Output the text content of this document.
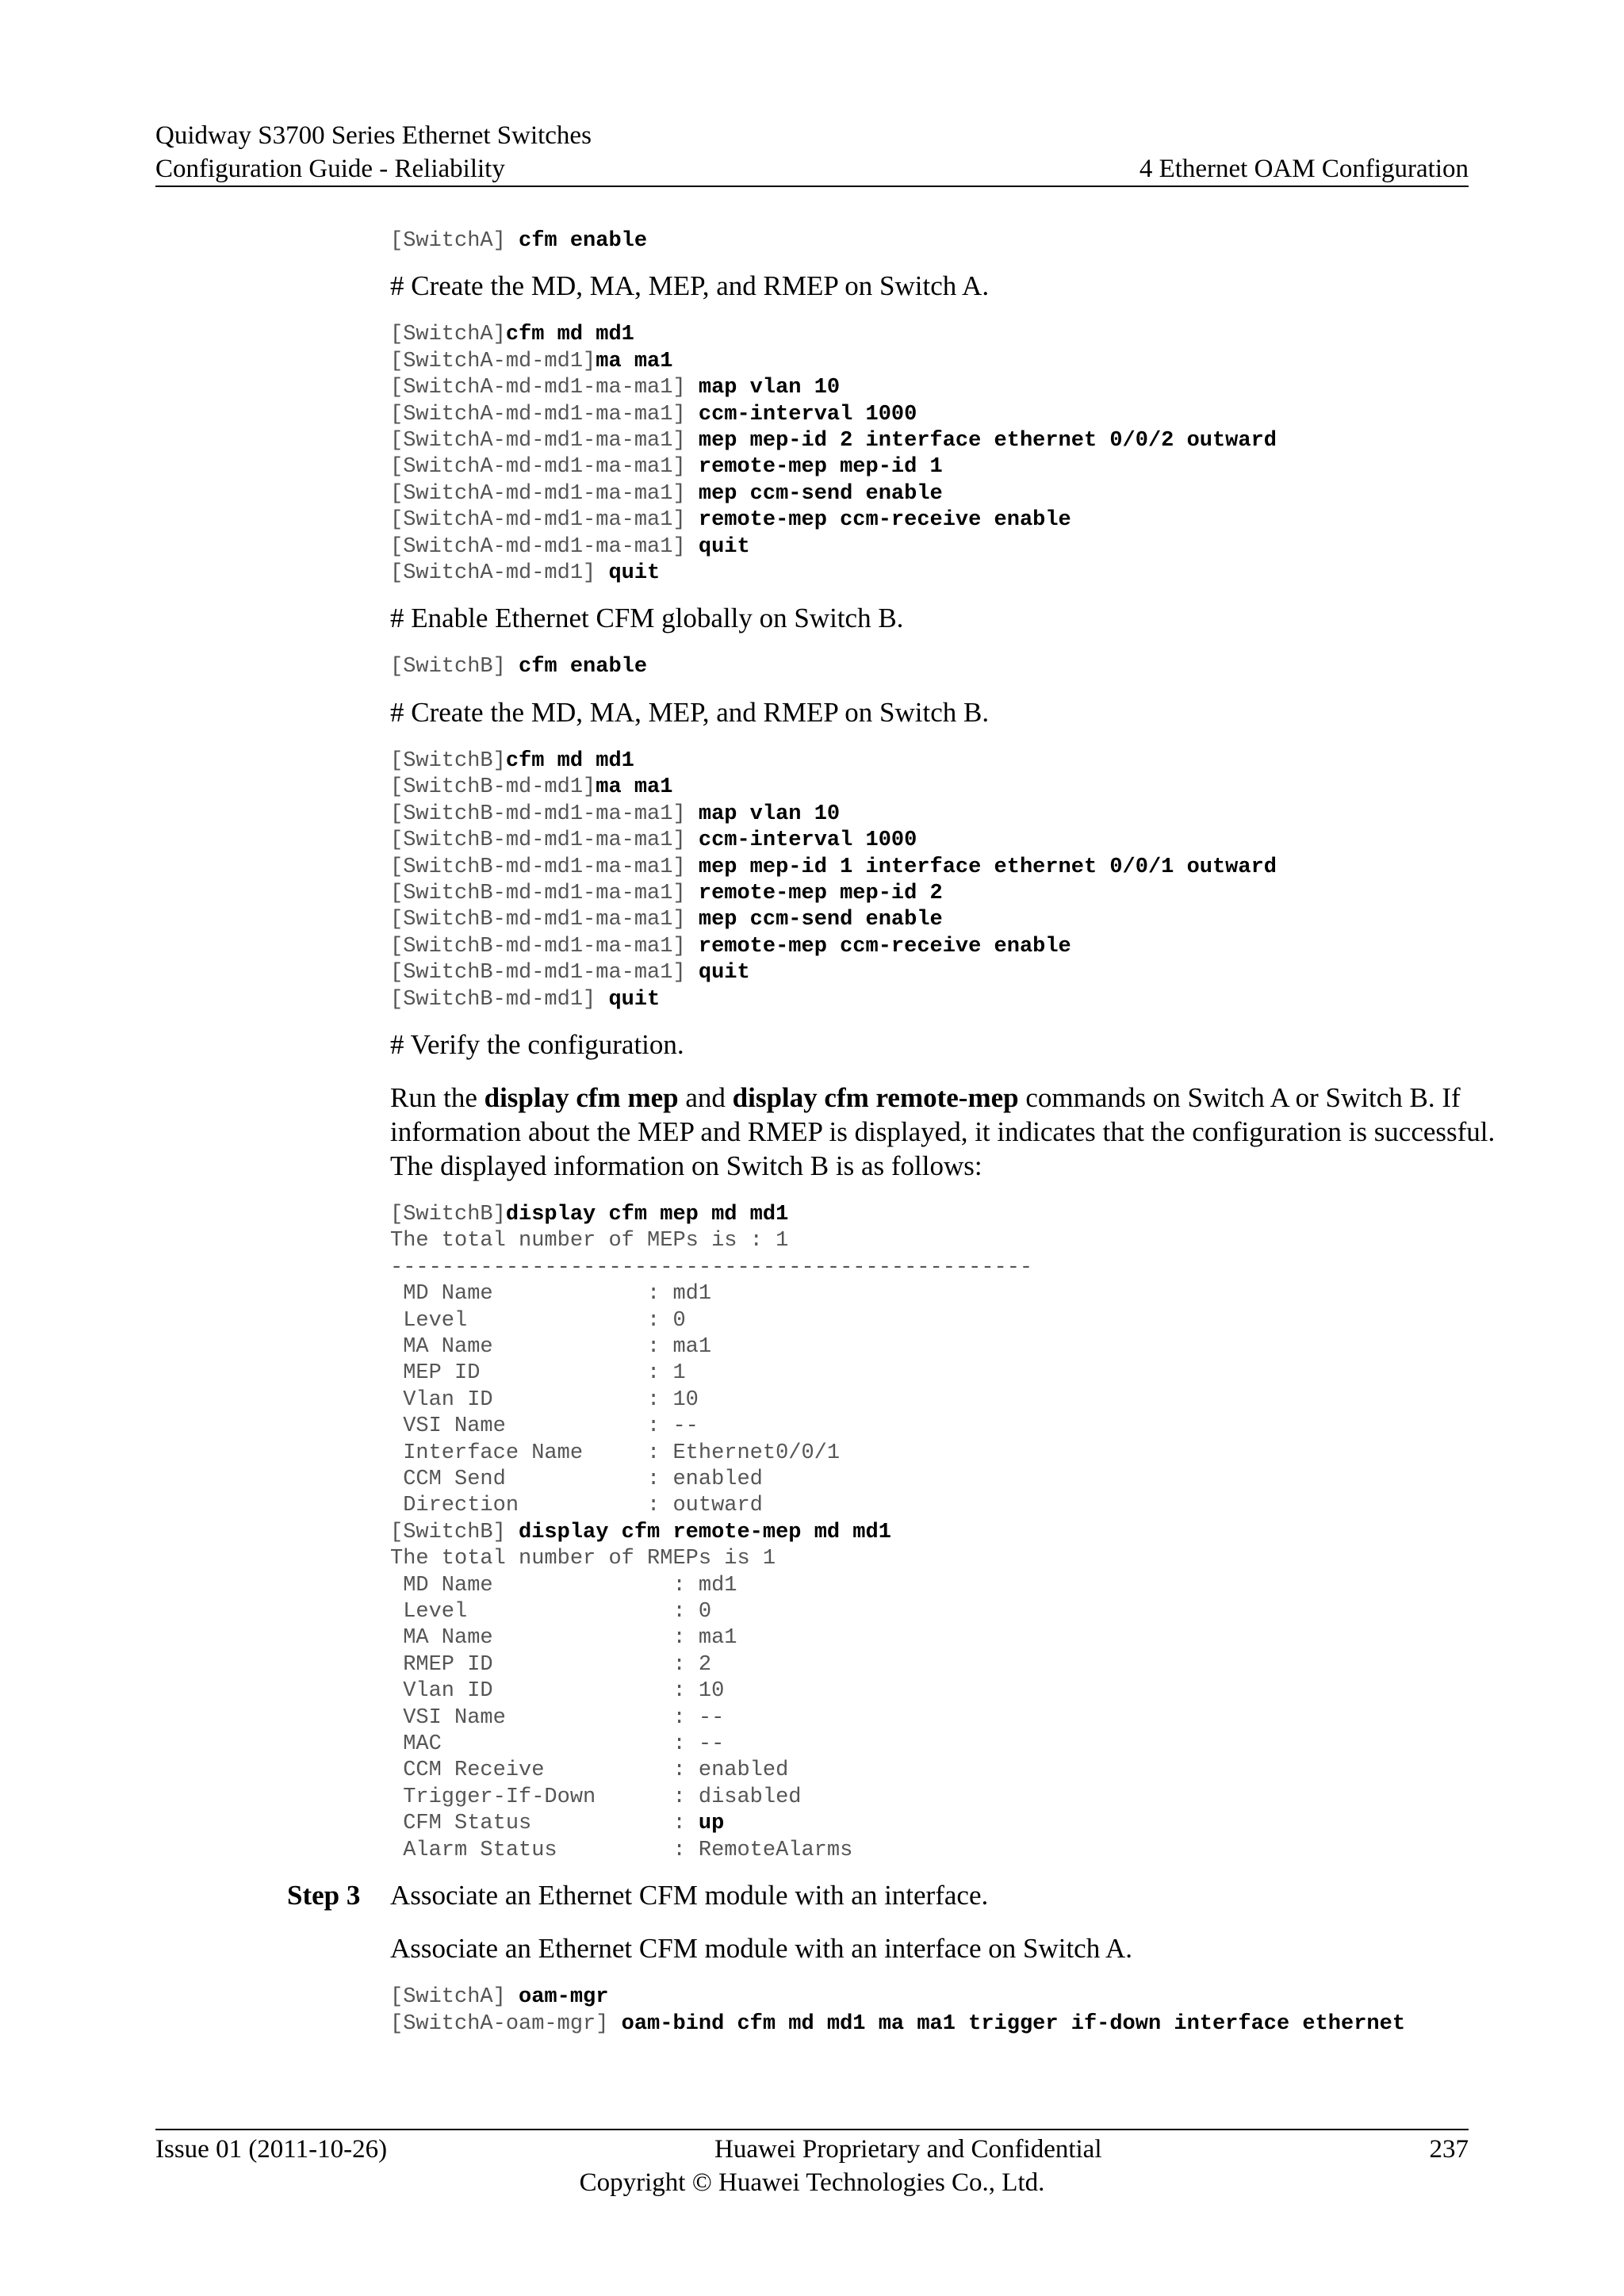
Quidway S3700 Series Ethernet Switches
Configuration Guide - Reliability	4 Ethernet OAM Configuration
[SwitchA] cfm enable

# Create the MD, MA, MEP, and RMEP on Switch A.

[SwitchA]cfm md md1
[SwitchA-md-md1]ma ma1
[SwitchA-md-md1-ma-ma1] map vlan 10
[SwitchA-md-md1-ma-ma1] ccm-interval 1000
[SwitchA-md-md1-ma-ma1] mep mep-id 2 interface ethernet 0/0/2 outward
[SwitchA-md-md1-ma-ma1] remote-mep mep-id 1
[SwitchA-md-md1-ma-ma1] mep ccm-send enable
[SwitchA-md-md1-ma-ma1] remote-mep ccm-receive enable
[SwitchA-md-md1-ma-ma1] quit
[SwitchA-md-md1] quit

# Enable Ethernet CFM globally on Switch B.

[SwitchB] cfm enable

# Create the MD, MA, MEP, and RMEP on Switch B.

[SwitchB]cfm md md1
[SwitchB-md-md1]ma ma1
[SwitchB-md-md1-ma-ma1] map vlan 10
[SwitchB-md-md1-ma-ma1] ccm-interval 1000
[SwitchB-md-md1-ma-ma1] mep mep-id 1 interface ethernet 0/0/1 outward
[SwitchB-md-md1-ma-ma1] remote-mep mep-id 2
[SwitchB-md-md1-ma-ma1] mep ccm-send enable
[SwitchB-md-md1-ma-ma1] remote-mep ccm-receive enable
[SwitchB-md-md1-ma-ma1] quit
[SwitchB-md-md1] quit

# Verify the configuration.

Run the display cfm mep and display cfm remote-mep commands on Switch A or Switch B. If information about the MEP and RMEP is displayed, it indicates that the configuration is successful. The displayed information on Switch B is as follows:

[SwitchB]display cfm mep md md1
The total number of MEPs is : 1
--------------------------------------------------
MD Name            : md1
Level              : 0
MA Name            : ma1
MEP ID             : 1
Vlan ID            : 10
VSI Name           : --
Interface Name     : Ethernet0/0/1
CCM Send           : enabled
Direction          : outward
[SwitchB] display cfm remote-mep md md1
The total number of RMEPs is 1
MD Name              : md1
Level                : 0
MA Name              : ma1
RMEP ID              : 2
Vlan ID              : 10
VSI Name             : --
MAC                  : --
CCM Receive          : enabled
Trigger-If-Down      : disabled
CFM Status           : up
Alarm Status         : RemoteAlarms
Step 3 Associate an Ethernet CFM module with an interface.

Associate an Ethernet CFM module with an interface on Switch A.

[SwitchA] oam-mgr
[SwitchA-oam-mgr] oam-bind cfm md md1 ma ma1 trigger if-down interface ethernet
Issue 01 (2011-10-26)	Huawei Proprietary and Confidential	237
Copyright © Huawei Technologies Co., Ltd.
